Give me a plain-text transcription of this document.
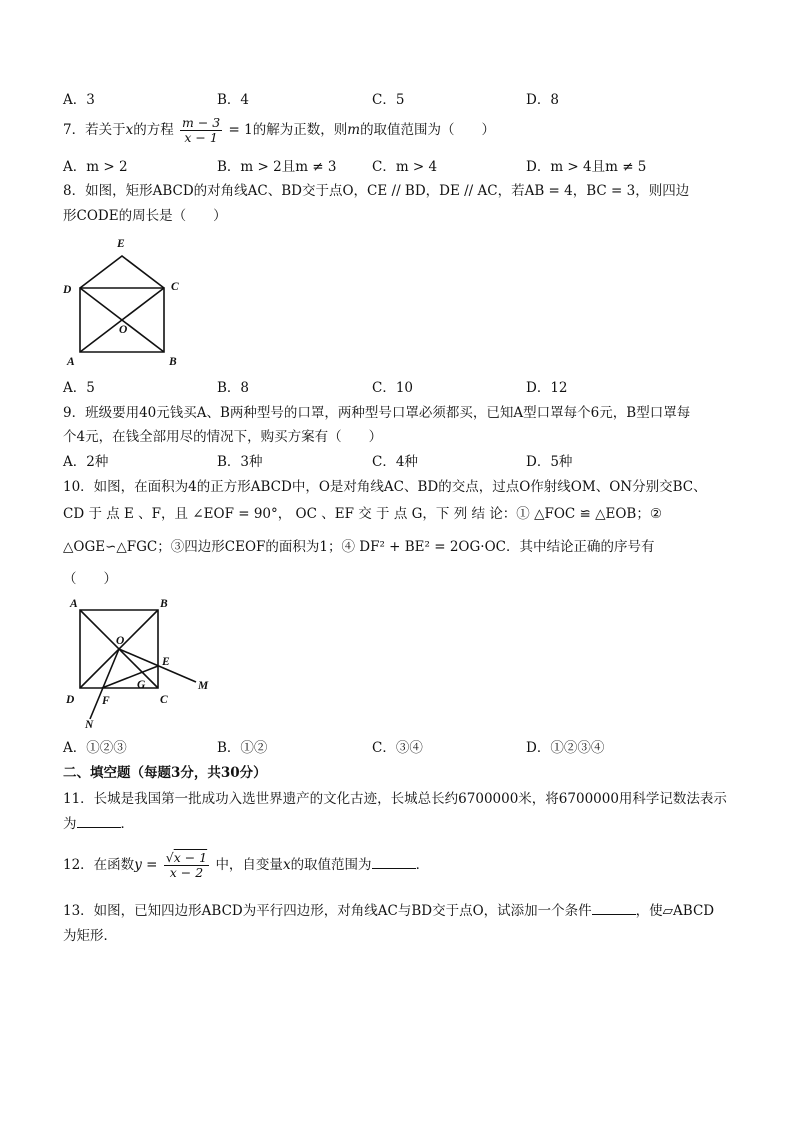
A．3	B．4	C．5	D．8
7．若关于x的方程 $\frac{m - 3}{x - 1} = 1$的解为正数，则m的取值范围为（　　）
A．m > 2	B．m > 2且m ≠ 3	C．m > 4	D．m > 4且m ≠ 5
8．如图，矩形ABCD的对角线AC、BD交于点O，CE // BD，DE // AC，若AB = 4，BC = 3，则四边
形CODE的周长是（　　）
E
D	C
O
A	B
A．5	B．8	C．10	D．12
9．班级要用40元钱买A、B两种型号的口罩，两种型号口罩必须都买，已知A型口罩每个6元，B型口罩每
个4元，在钱全部用尽的情况下，购买方案有（　　）
A．2种	B．3种	C．4种	D．5种
10．如图，在面积为4的正方形ABCD中，O是对角线AC、BD的交点，过点O作射线OM、ON分别交BC、
CD 于 点 E 、F，且 ∠EOF = 90°， OC 、EF 交 于 点 G，下 列 结 论：① △FOC ≌ △EOB；②
△OGE∽△FGC；③四边形CEOF的面积为1；④ DF² + BE² = 2OG·OC．其中结论正确的序号有
（　　）
A	B
O
E
M
G
D F	C
N
A．①②③	B．①②	C．③④	D．①②③④
二、填空题（每题3分，共30分）
11．长城是我国第一批成功入选世界遗产的文化古迹，长城总长约6700000米，将6700000用科学记数法表示
为	．
12．在函数$y = \frac{√x - 1}{x - 2}$ 中，自变量x的取值范围为	．
13．如图，已知四边形ABCD为平行四边形，对角线AC与BD交于点O，试添加一个条件	，使▱ABCD
为矩形．
